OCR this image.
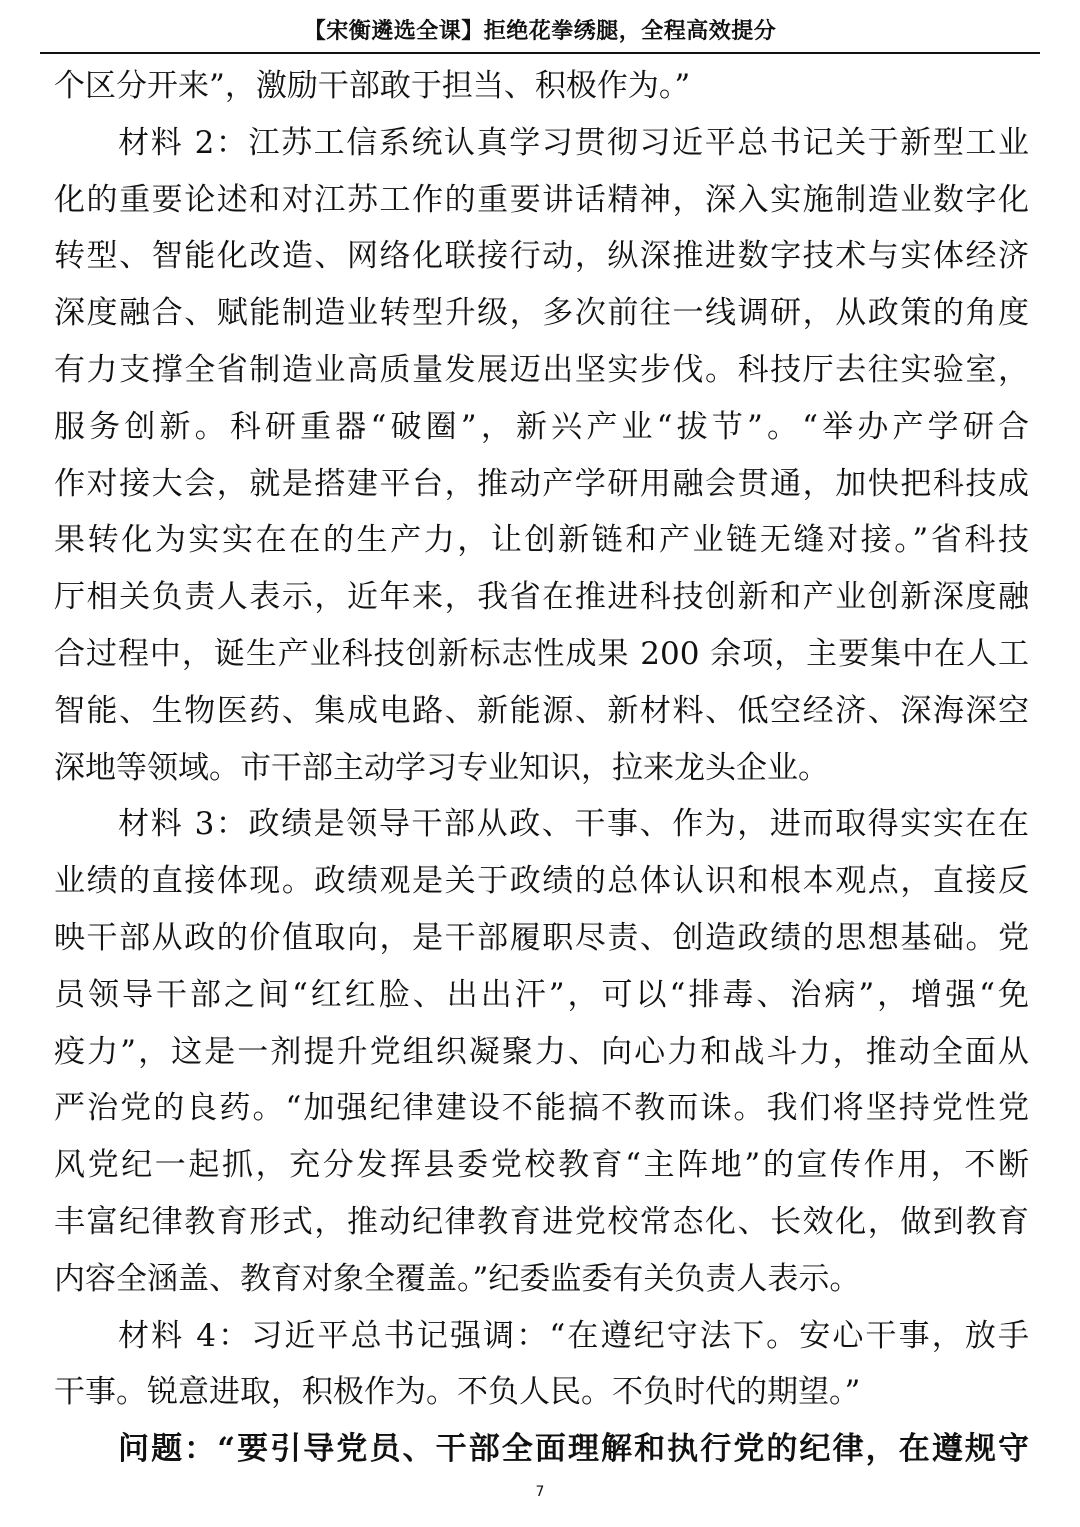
【宋衡遴选全课】拒绝花拳绣腿，全程高效提分
个区分开来”，激励干部敢于担当、积极作为。”
材料 2：江苏工信系统认真学习贯彻习近平总书记关于新型工业
化的重要论述和对江苏工作的重要讲话精神，深入实施制造业数字化
转型、智能化改造、网络化联接行动，纵深推进数字技术与实体经济
深度融合、赋能制造业转型升级，多次前往一线调研，从政策的角度
有力支撑全省制造业高质量发展迈出坚实步伐。科技厅去往实验室，
服务创新。科研重器“破圈”，新兴产业“拔节”。“举办产学研合
作对接大会，就是搭建平台，推动产学研用融会贯通，加快把科技成
果转化为实实在在的生产力，让创新链和产业链无缝对接。”省科技
厅相关负责人表示，近年来，我省在推进科技创新和产业创新深度融
合过程中，诞生产业科技创新标志性成果 200 余项，主要集中在人工
智能、生物医药、集成电路、新能源、新材料、低空经济、深海深空
深地等领域。市干部主动学习专业知识，拉来龙头企业。
材料 3：政绩是领导干部从政、干事、作为，进而取得实实在在
业绩的直接体现。政绩观是关于政绩的总体认识和根本观点，直接反
映干部从政的价值取向，是干部履职尽责、创造政绩的思想基础。党
员领导干部之间“红红脸、出出汗”，可以“排毒、治病”，增强“免
疫力”，这是一剂提升党组织凝聚力、向心力和战斗力，推动全面从
严治党的良药。“加强纪律建设不能搞不教而诛。我们将坚持党性党
风党纪一起抓，充分发挥县委党校教育“主阵地”的宣传作用，不断
丰富纪律教育形式，推动纪律教育进党校常态化、长效化，做到教育
内容全涵盖、教育对象全覆盖。”纪委监委有关负责人表示。
材料 4：习近平总书记强调：“在遵纪守法下。安心干事，放手
干事。锐意进取，积极作为。不负人民。不负时代的期望。”
问题：“要引导党员、干部全面理解和执行党的纪律，在遵规守
7
